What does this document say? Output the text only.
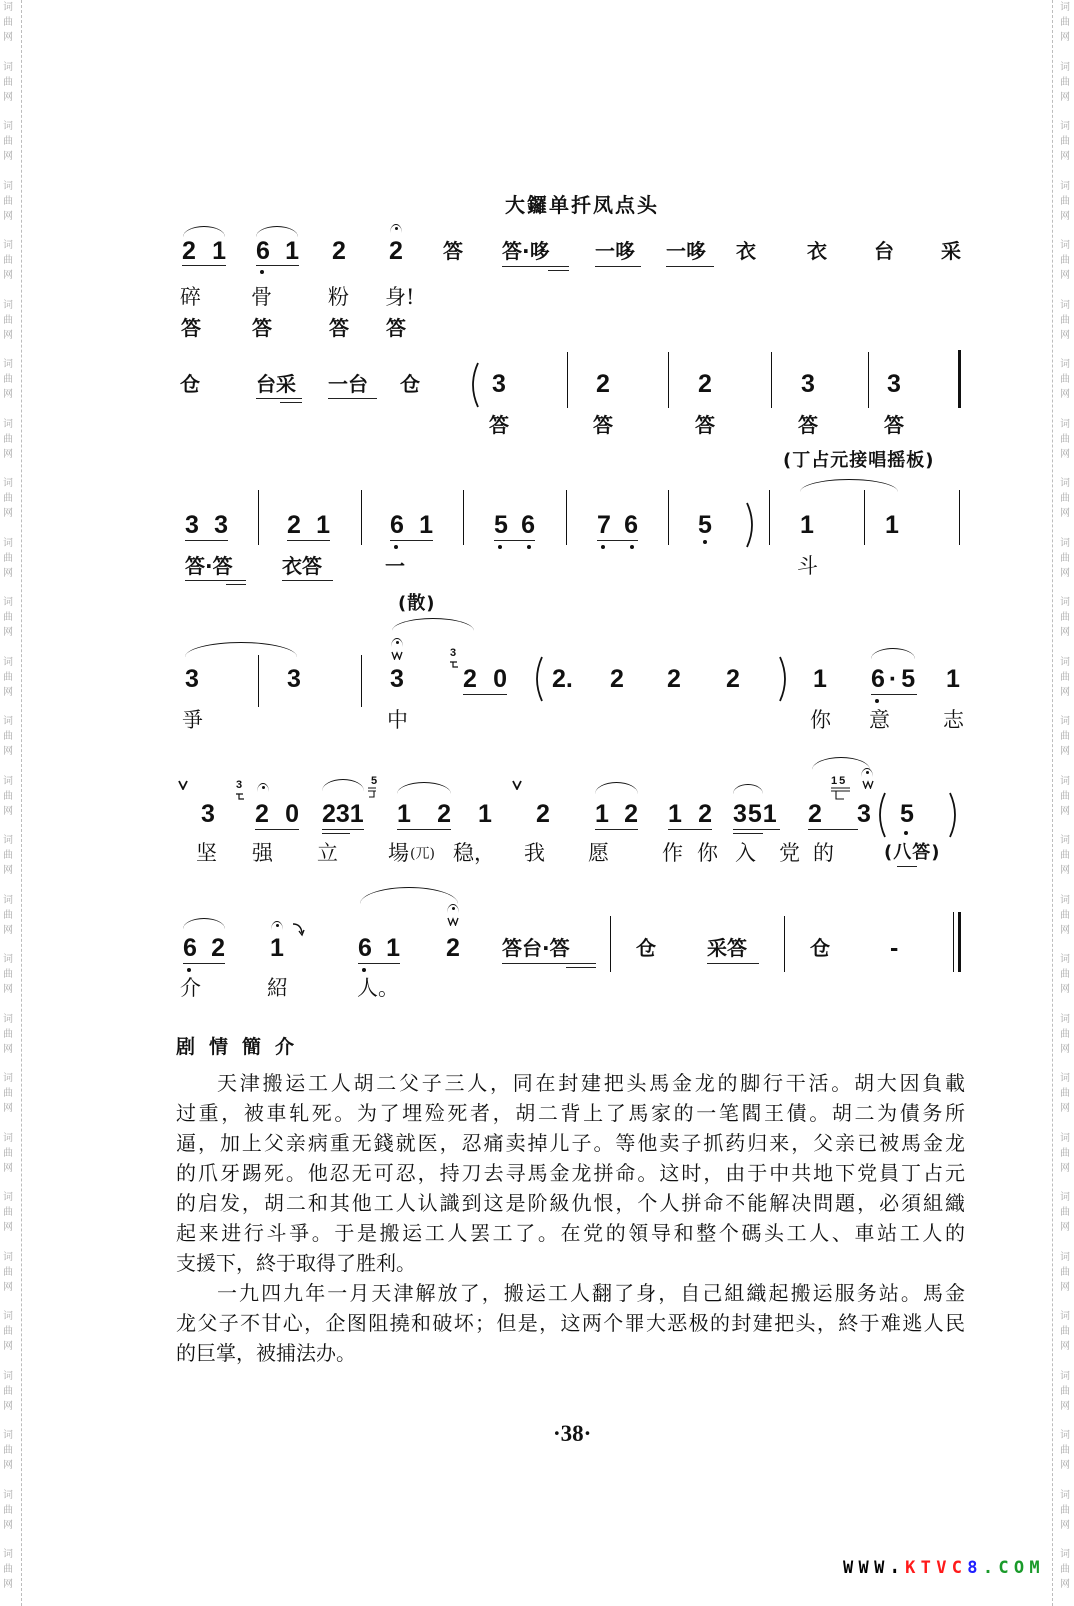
词
曲
网
词
曲
网
词
曲
网
词
曲
网
词
曲
网
词
曲
网
词
曲
网
词
曲
网
词
曲
网
词
曲
网
词
曲
网
词
曲
网
词
曲
网
词
曲
网
词
曲
网
词
曲
网
词
曲
网
词
曲
网
词
曲
网
词
曲
网
词
曲
网
词
曲
网
词
曲
网
词
曲
网
词
曲
网
词
曲
网
词
曲
网
词
曲
网
词
曲
网
词
曲
网
词
曲
网
词
曲
网
词
曲
网
词
曲
网
词
曲
网
词
曲
网
词
曲
网
词
曲
网
词
曲
网
词
曲
网
词
曲
网
词
曲
网
词
曲
网
词
曲
网
词
曲
网
词
曲
网
词
曲
网
词
曲
网
词
曲
网
词
曲
网
词
曲
网
词
曲
网
词
曲
网
词
曲
网
大鑼单扦凤点头
2 1 6 1 2 2 答 答·哆 一哆 一哆 衣	衣 台 采
碎 骨	粉 身!
答	答	答 答
仓	台采 一台 仓	3	2	2	3	3
答	答	答	答	答
(丁占元接唱摇板)
3 3 2 1 6 1 5 6 7 6 5	1	1
答·答 衣答	一	斗
(散)
3	3	3
3
2 0 2. 2 2 2	1 6·5 1
爭	中	你 意	志
3
3
2 0 231
5
1 2 1 2 1 2 1 2 351 2
15
3 5
坚 强 立 場 (兀) 稳， 我 愿	作 你 入 党 的	(八答)
6 2 1	6 1 2 答台·答	仓	采答	仓 -
介	紹	人。
剧情簡介
天津搬运工人胡二父子三人，同在封建把头馬金龙的脚行干活。胡大因負載
过重，被車轧死。为了埋殓死者，胡二背上了馬家的一笔閻王債。胡二为債务所
逼，加上父亲病重无錢就医，忍痛卖掉儿子。等他卖子抓药归来，父亲已被馬金龙
的爪牙踢死。他忍无可忍，持刀去寻馬金龙拼命。这时，由于中共地下党員丁占元
的启发，胡二和其他工人认識到这是阶級仇恨，个人拼命不能解决問題，必須組織
起来进行斗爭。于是搬运工人罢工了。在党的領导和整个碼头工人、車站工人的
支援下，終于取得了胜利。
一九四九年一月天津解放了，搬运工人翻了身，自己組織起搬运服务站。馬金
龙父子不甘心，企图阻撓和破坏；但是，这两个罪大恶极的封建把头，終于难逃人民
的巨掌，被捕法办。
·38·
www.KTVC8.COM
